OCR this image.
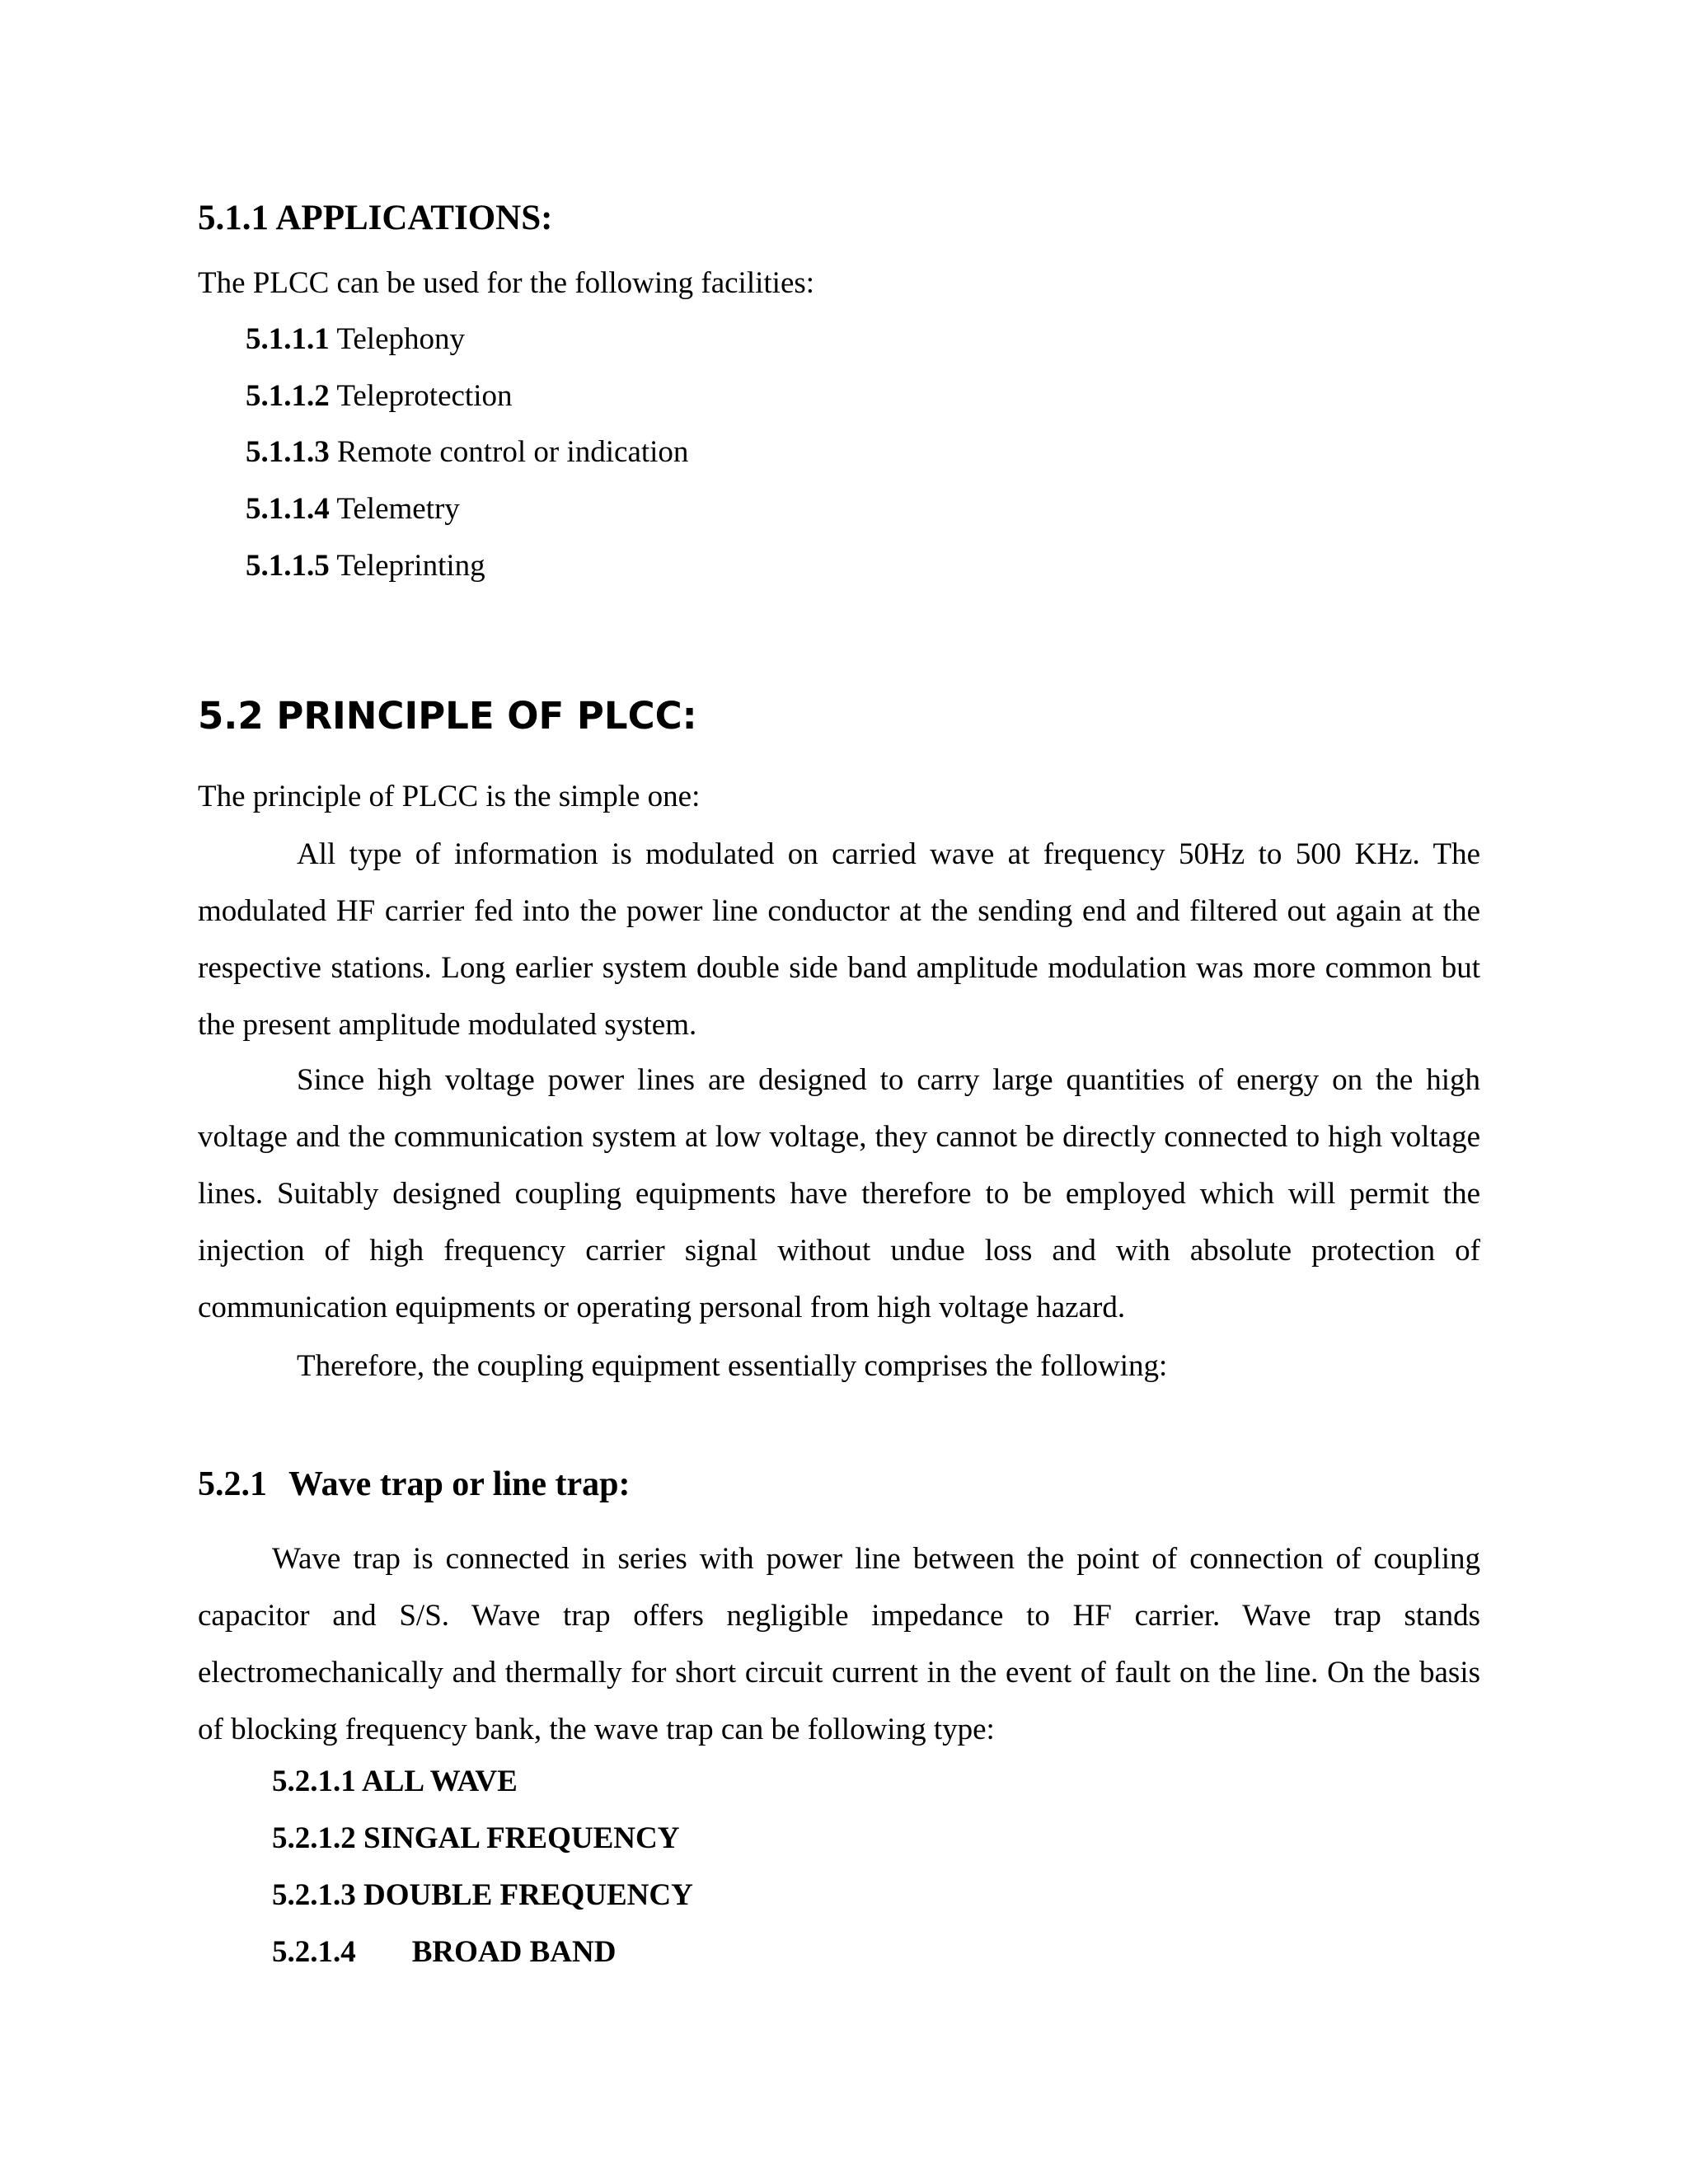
5.1.1 APPLICATIONS:

The PLCC can be used for the following facilities:

5.1.1.1 Telephony

5.1.1.2 Teleprotection

5.1.1.3 Remote control or indication

5.1.1.4 Telemetry

5.1.1.5 Teleprinting

5.2 PRINCIPLE OF PLCC:

The principle of PLCC is the simple one:

All type of information is modulated on carried wave at frequency 50Hz to 500 KHz. The modulated HF carrier fed into the power line conductor at the sending end and filtered out again at the respective stations. Long earlier system double side band amplitude modulation was more common but the present amplitude modulated system.

Since high voltage power lines are designed to carry large quantities of energy on the high voltage and the communication system at low voltage, they cannot be directly connected to high voltage lines. Suitably designed coupling equipments have therefore to be employed which will permit the injection of high frequency carrier signal without undue loss and with absolute protection of communication equipments or operating personal from high voltage hazard.

Therefore, the coupling equipment essentially comprises the following:

5.2.1 Wave trap or line trap:

Wave trap is connected in series with power line between the point of connection of coupling capacitor and S/S. Wave trap offers negligible impedance to HF carrier. Wave trap stands electromechanically and thermally for short circuit current in the event of fault on the line. On the basis of blocking frequency bank, the wave trap can be following type:

5.2.1.1 ALL WAVE

5.2.1.2 SINGAL FREQUENCY

5.2.1.3 DOUBLE FREQUENCY

5.2.1.4 BROAD BAND
